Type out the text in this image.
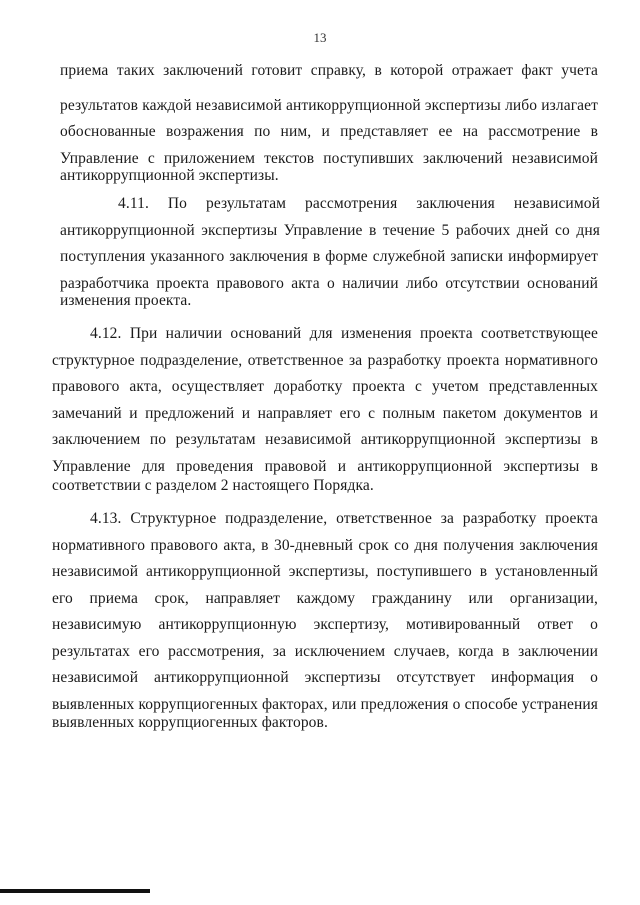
13
приема таких заключений готовит справку, в которой отражает факт учета
результатов каждой независимой антикоррупционной экспертизы либо излагает
обоснованные возражения по ним, и представляет ее на рассмотрение в
Управление с приложением текстов поступивших заключений независимой
антикоррупционной экспертизы.
4.11. По результатам рассмотрения заключения независимой
антикоррупционной экспертизы Управление в течение 5 рабочих дней со дня
поступления указанного заключения в форме служебной записки информирует
разработчика проекта правового акта о наличии либо отсутствии оснований
изменения проекта.
4.12. При наличии оснований для изменения проекта соответствующее
структурное подразделение, ответственное за разработку проекта нормативного
правового акта, осуществляет доработку проекта с учетом представленных
замечаний и предложений и направляет его с полным пакетом документов и
заключением по результатам независимой антикоррупционной экспертизы в
Управление для проведения правовой и антикоррупционной экспертизы в
соответствии с разделом 2 настоящего Порядка.
4.13. Структурное подразделение, ответственное за разработку проекта
нормативного правового акта, в 30-дневный срок со дня получения заключения
независимой антикоррупционной экспертизы, поступившего в установленный
его приема срок, направляет каждому гражданину или организации,
независимую антикоррупционную экспертизу, мотивированный ответ о
результатах его рассмотрения, за исключением случаев, когда в заключении
независимой антикоррупционной экспертизы отсутствует информация о
выявленных коррупциогенных факторах, или предложения о способе устранения
выявленных коррупциогенных факторов.
